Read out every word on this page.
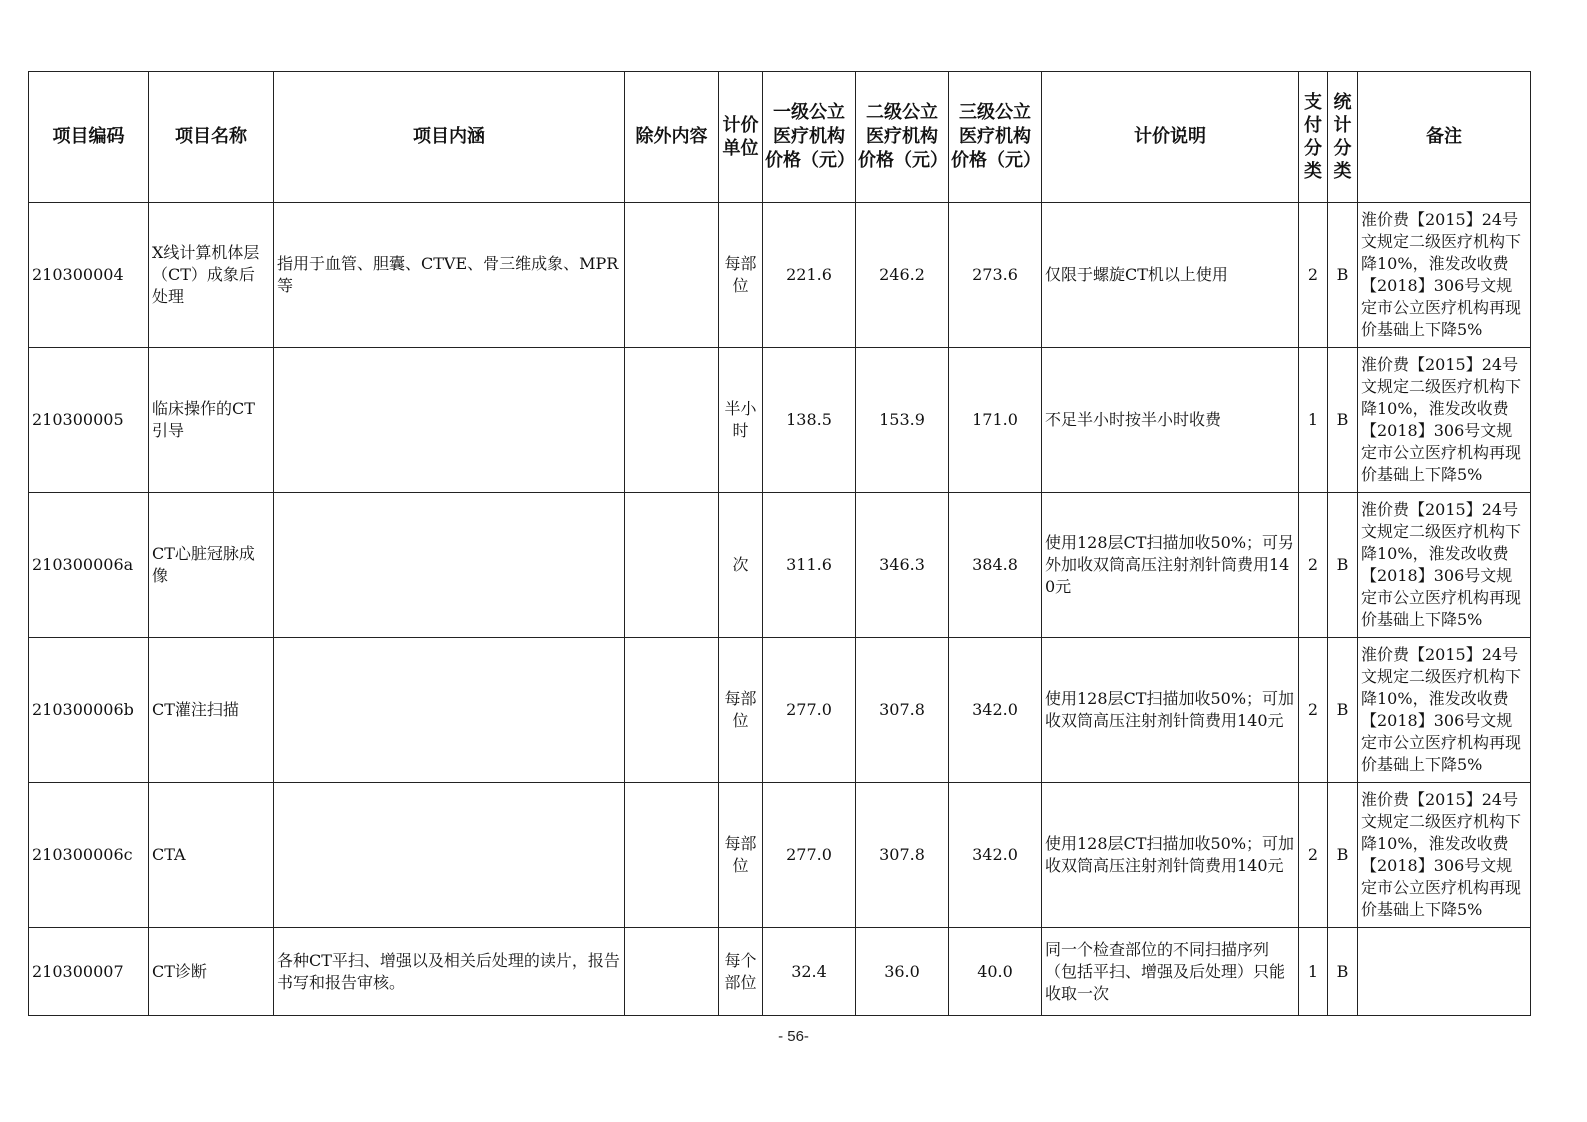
项目编码	项目名称	项目内涵	除外内容	计价单位	一级公立医疗机构价格（元）	二级公立医疗机构价格（元）	三级公立医疗机构价格（元）	计价说明	支付分类	统计分类	备注
210300004	X线计算机体层（CT）成象后处理	指用于血管、胆囊、CTVE、骨三维成象、MPR等		每部位	221.6	246.2	273.6	仅限于螺旋CT机以上使用	2	B	淮价费【2015】24号文规定二级医疗机构下降10%，淮发改收费【2018】306号文规定市公立医疗机构再现价基础上下降5%
210300005	临床操作的CT引导			半小时	138.5	153.9	171.0	不足半小时按半小时收费	1	B	淮价费【2015】24号文规定二级医疗机构下降10%，淮发改收费【2018】306号文规定市公立医疗机构再现价基础上下降5%
210300006a	CT心脏冠脉成像			次	311.6	346.3	384.8	使用128层CT扫描加收50%；可另外加收双筒高压注射剂针筒费用140元	2	B	淮价费【2015】24号文规定二级医疗机构下降10%，淮发改收费【2018】306号文规定市公立医疗机构再现价基础上下降5%
210300006b	CT灌注扫描			每部位	277.0	307.8	342.0	使用128层CT扫描加收50%；可加收双筒高压注射剂针筒费用140元	2	B	淮价费【2015】24号文规定二级医疗机构下降10%，淮发改收费【2018】306号文规定市公立医疗机构再现价基础上下降5%
210300006c	CTA			每部位	277.0	307.8	342.0	使用128层CT扫描加收50%；可加收双筒高压注射剂针筒费用140元	2	B	淮价费【2015】24号文规定二级医疗机构下降10%，淮发改收费【2018】306号文规定市公立医疗机构再现价基础上下降5%
210300007	CT诊断	各种CT平扫、增强以及相关后处理的读片，报告书写和报告审核。		每个部位	32.4	36.0	40.0	同一个检查部位的不同扫描序列（包括平扫、增强及后处理）只能收取一次	1	B	
- 56-
